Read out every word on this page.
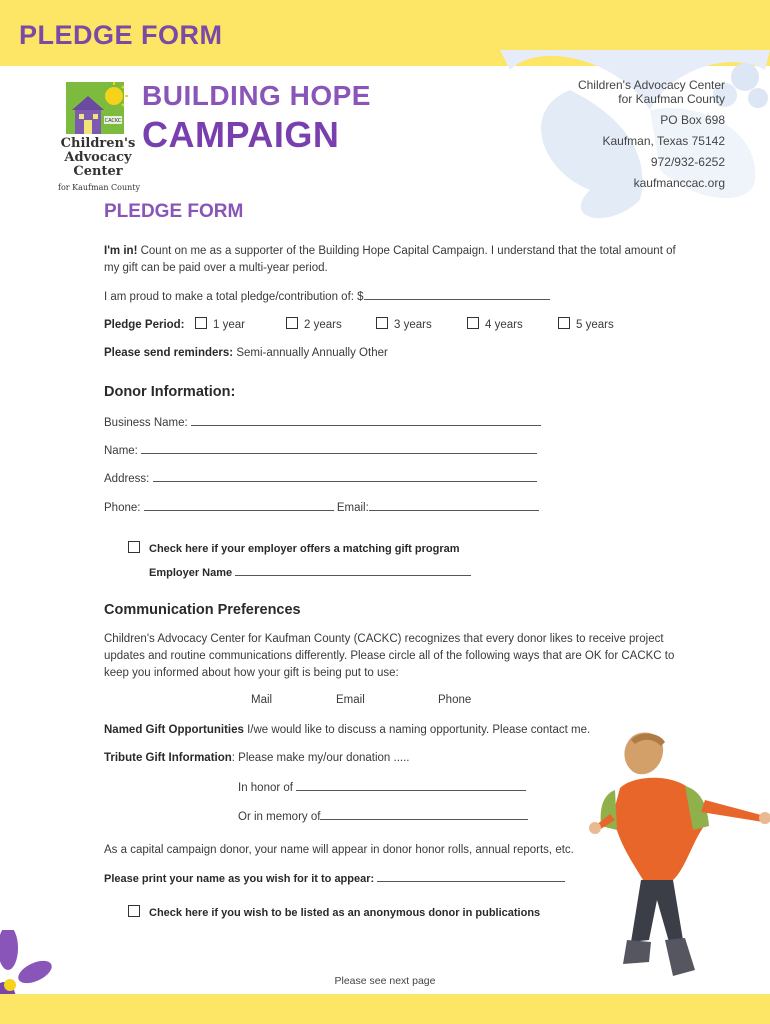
PLEDGE FORM
CACKC
Children's
Advocacy Center
for Kaufman County
BUILDING HOPE
CAMPAIGN
Children's Advocacy Center
for Kaufman County
PO Box 698
Kaufman, Texas 75142
972/932-6252
kaufmanccac.org
PLEDGE FORM
I'm in! Count on me as a supporter of the Building Hope Capital Campaign. I understand that the total amount of my gift can be paid over a multi-year period.
I am proud to make a total pledge/contribution of: $
Pledge Period:	1 year	2 years	3 years	4 years	5 years
Please send reminders: Semi-annually Annually Other
Donor Information:
Business Name:
Name:
Address:
Phone:	Email:
Check here if your employer offers a matching gift program
Employer Name
Communication Preferences
Children's Advocacy Center for Kaufman County (CACKC) recognizes that every donor likes to receive project updates and routine communications differently. Please circle all of the following ways that are OK for CACKC to keep you informed about how your gift is being put to use:
Mail	Email	Phone
Named Gift Opportunities I/we would like to discuss a naming opportunity. Please contact me.
Tribute Gift Information: Please make my/our donation .....
In honor of
Or in memory of
As a capital campaign donor, your name will appear in donor honor rolls, annual reports, etc.
Please print your name as you wish for it to appear:
Check here if you wish to be listed as an anonymous donor in publications
Please see next page
